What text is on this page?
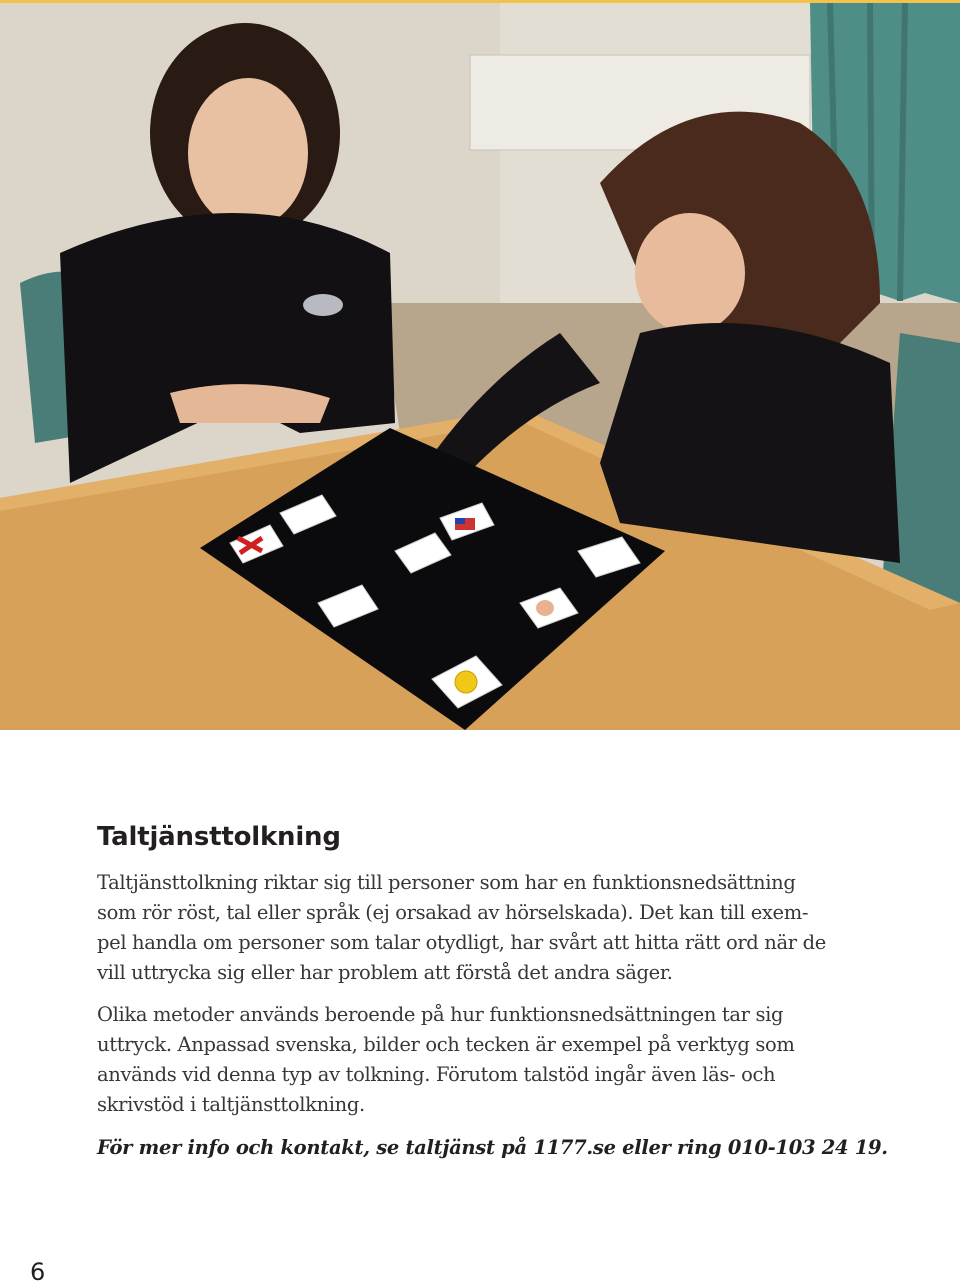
Taltjänsttolkning

Taltjänsttolkning riktar sig till personer som har en funktionsnedsättning
som rör röst, tal eller språk (ej orsakad av hörselskada). Det kan till exem-
pel handla om personer som talar otydligt, har svårt att hitta rätt ord när de
vill uttrycka sig eller har problem att förstå det andra säger.

Olika metoder används beroende på hur funktionsnedsättningen tar sig
uttryck. Anpassad svenska, bilder och tecken är exempel på verktyg som
används vid denna typ av tolkning. Förutom talstöd ingår även läs- och
skrivstöd i taltjänsttolkning.

För mer info och kontakt, se taltjänst på 1177.se eller ring 010-103 24 19.

6
